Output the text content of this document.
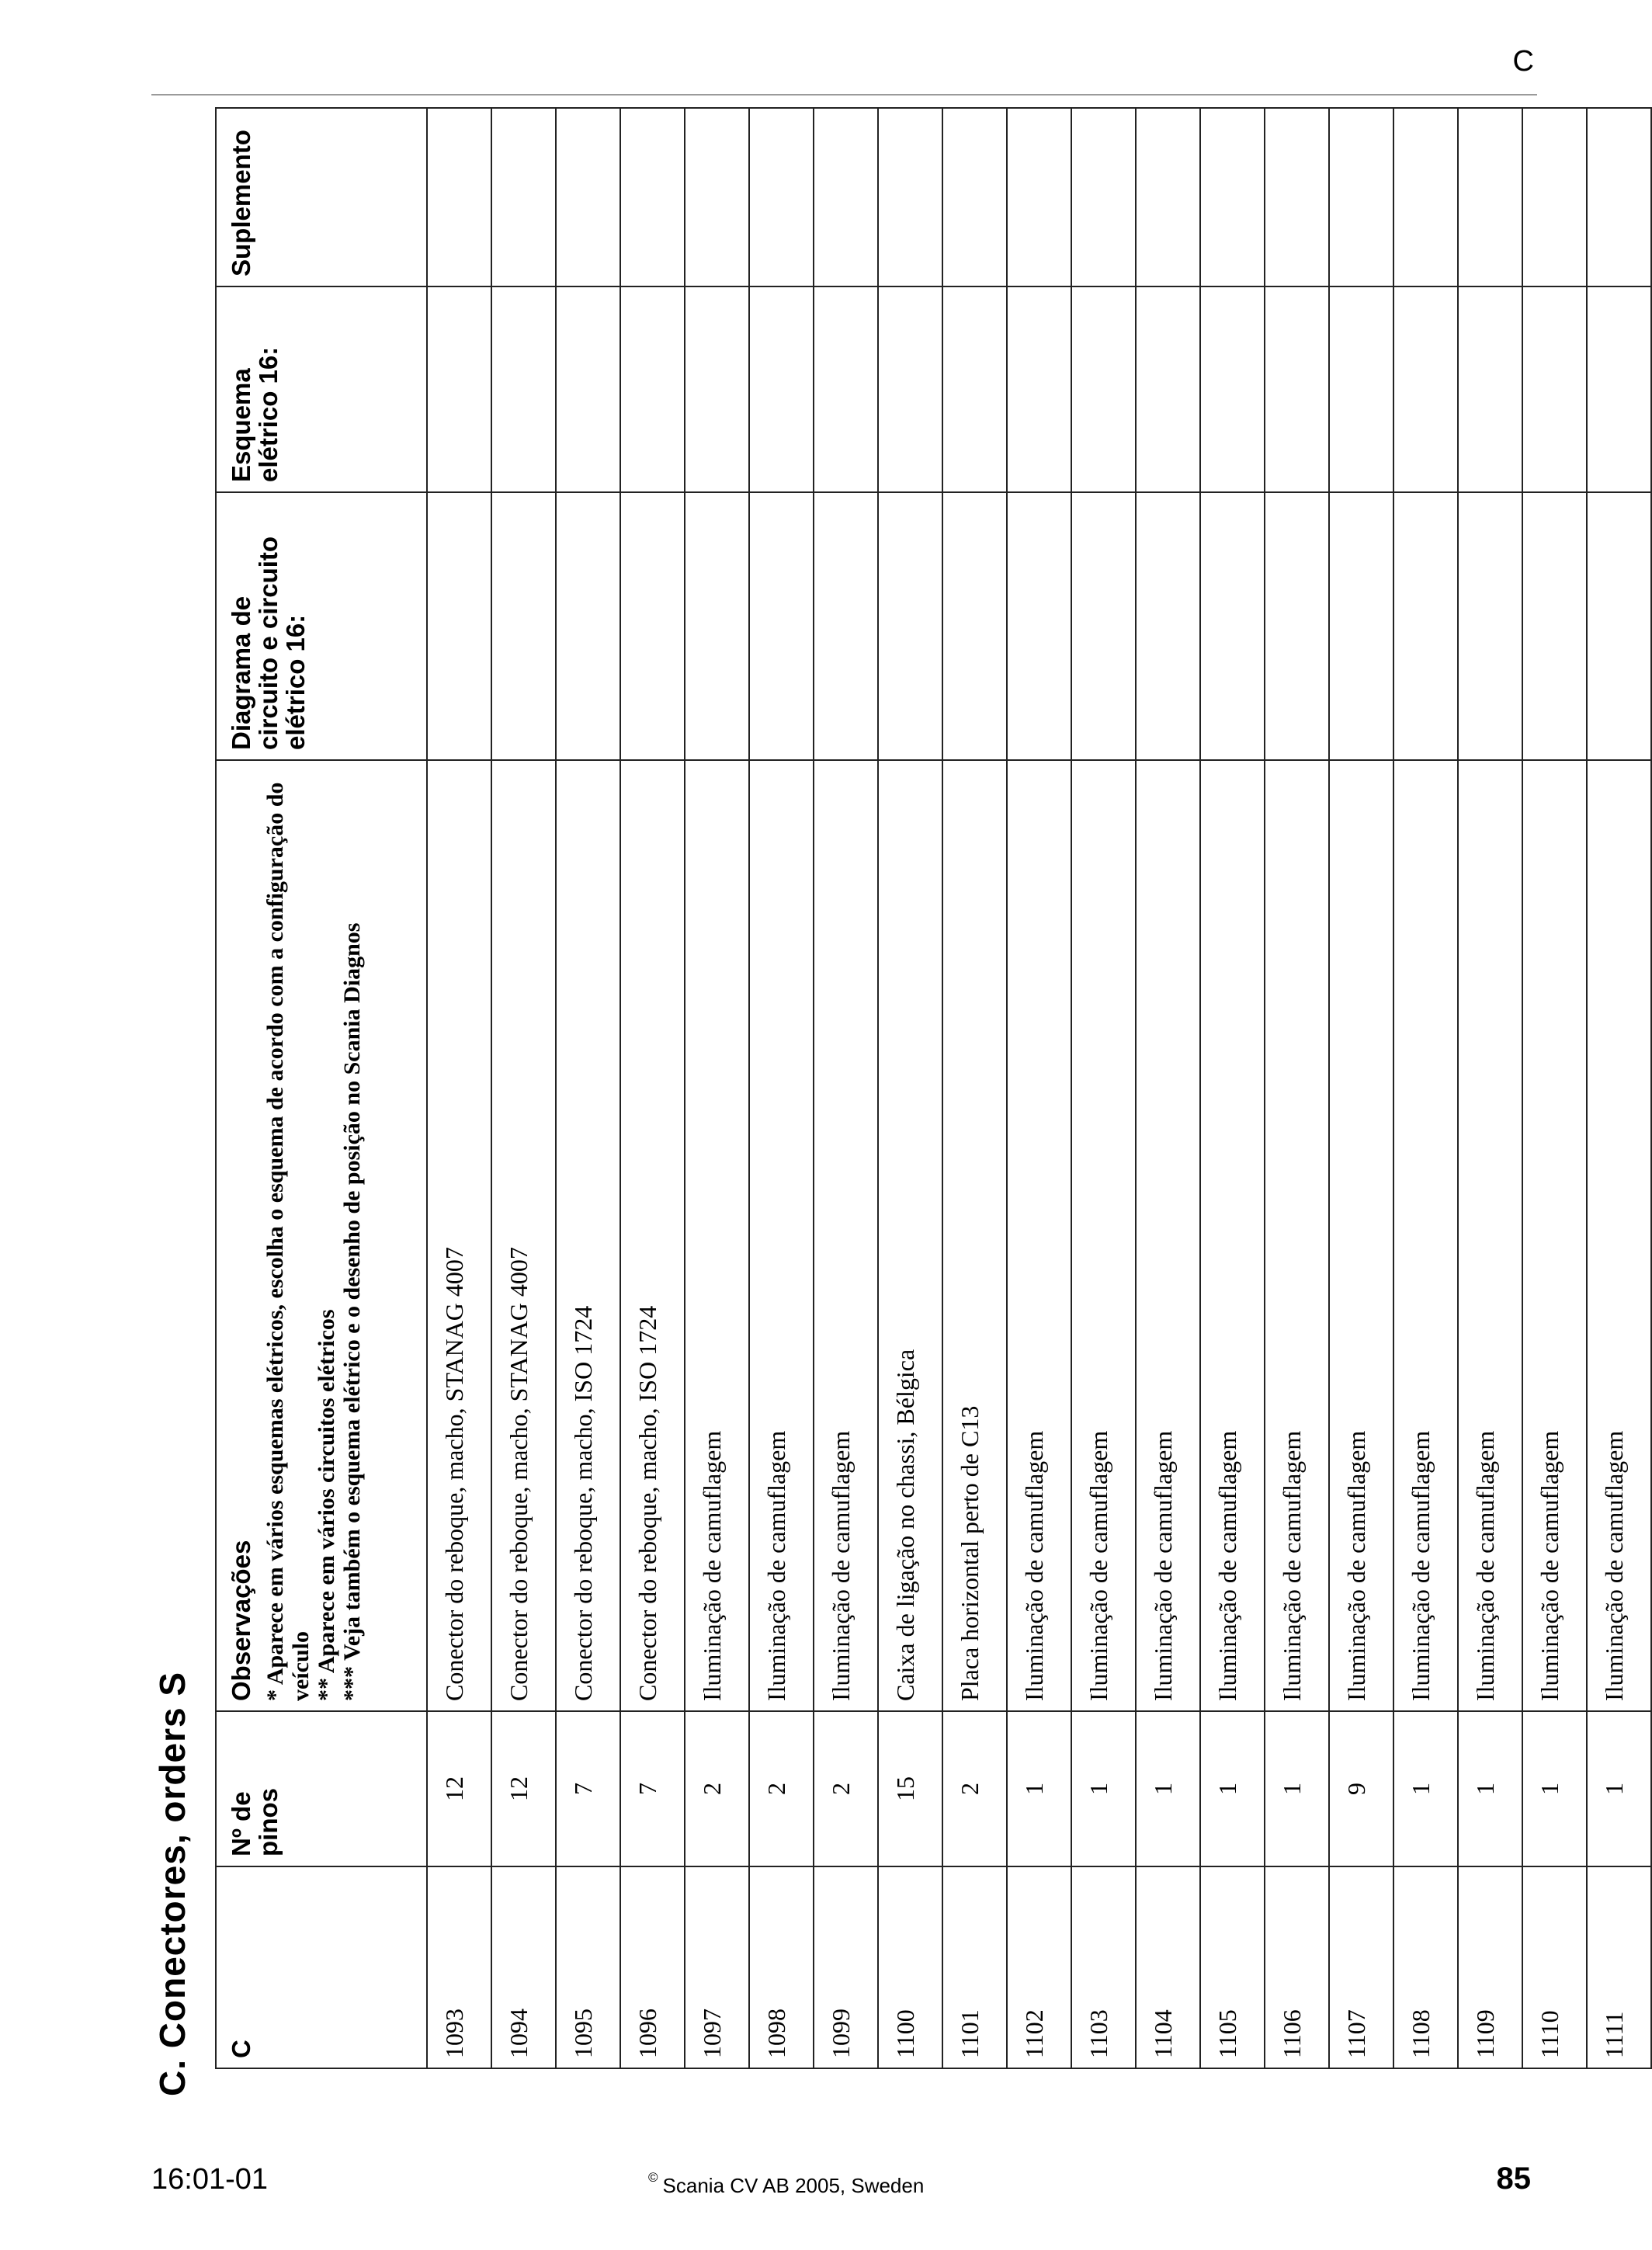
C
C. Conectores, orders S C	Nº de pinos	Observações * Aparece em vários esquemas elétricos, escolha o esquema de acordo com a configuração do veículo ** Aparece em vários circuitos elétricos *** Veja também o esquema elétrico e o desenho de posição no Scania Diagnos	Diagrama de circuito e circuito elétrico 16:	Esquema elétrico 16:	Suplemento
1093	12	Conector do reboque, macho, STANAG 4007			
1094	12	Conector do reboque, macho, STANAG 4007			
1095	7	Conector do reboque, macho, ISO 1724			
1096	7	Conector do reboque, macho, ISO 1724			
1097	2	Iluminação de camuflagem			
1098	2	Iluminação de camuflagem			
1099	2	Iluminação de camuflagem			
1100	15	Caixa de ligação no chassi, Bélgica			
1101	2	Placa horizontal perto de C13			
1102	1	Iluminação de camuflagem			
1103	1	Iluminação de camuflagem			
1104	1	Iluminação de camuflagem			
1105	1	Iluminação de camuflagem			
1106	1	Iluminação de camuflagem			
1107	9	Iluminação de camuflagem			
1108	1	Iluminação de camuflagem			
1109	1	Iluminação de camuflagem			
1110	1	Iluminação de camuflagem			
1111	1	Iluminação de camuflagem			
16:01-01	© Scania CV AB 2005, Sweden	85
